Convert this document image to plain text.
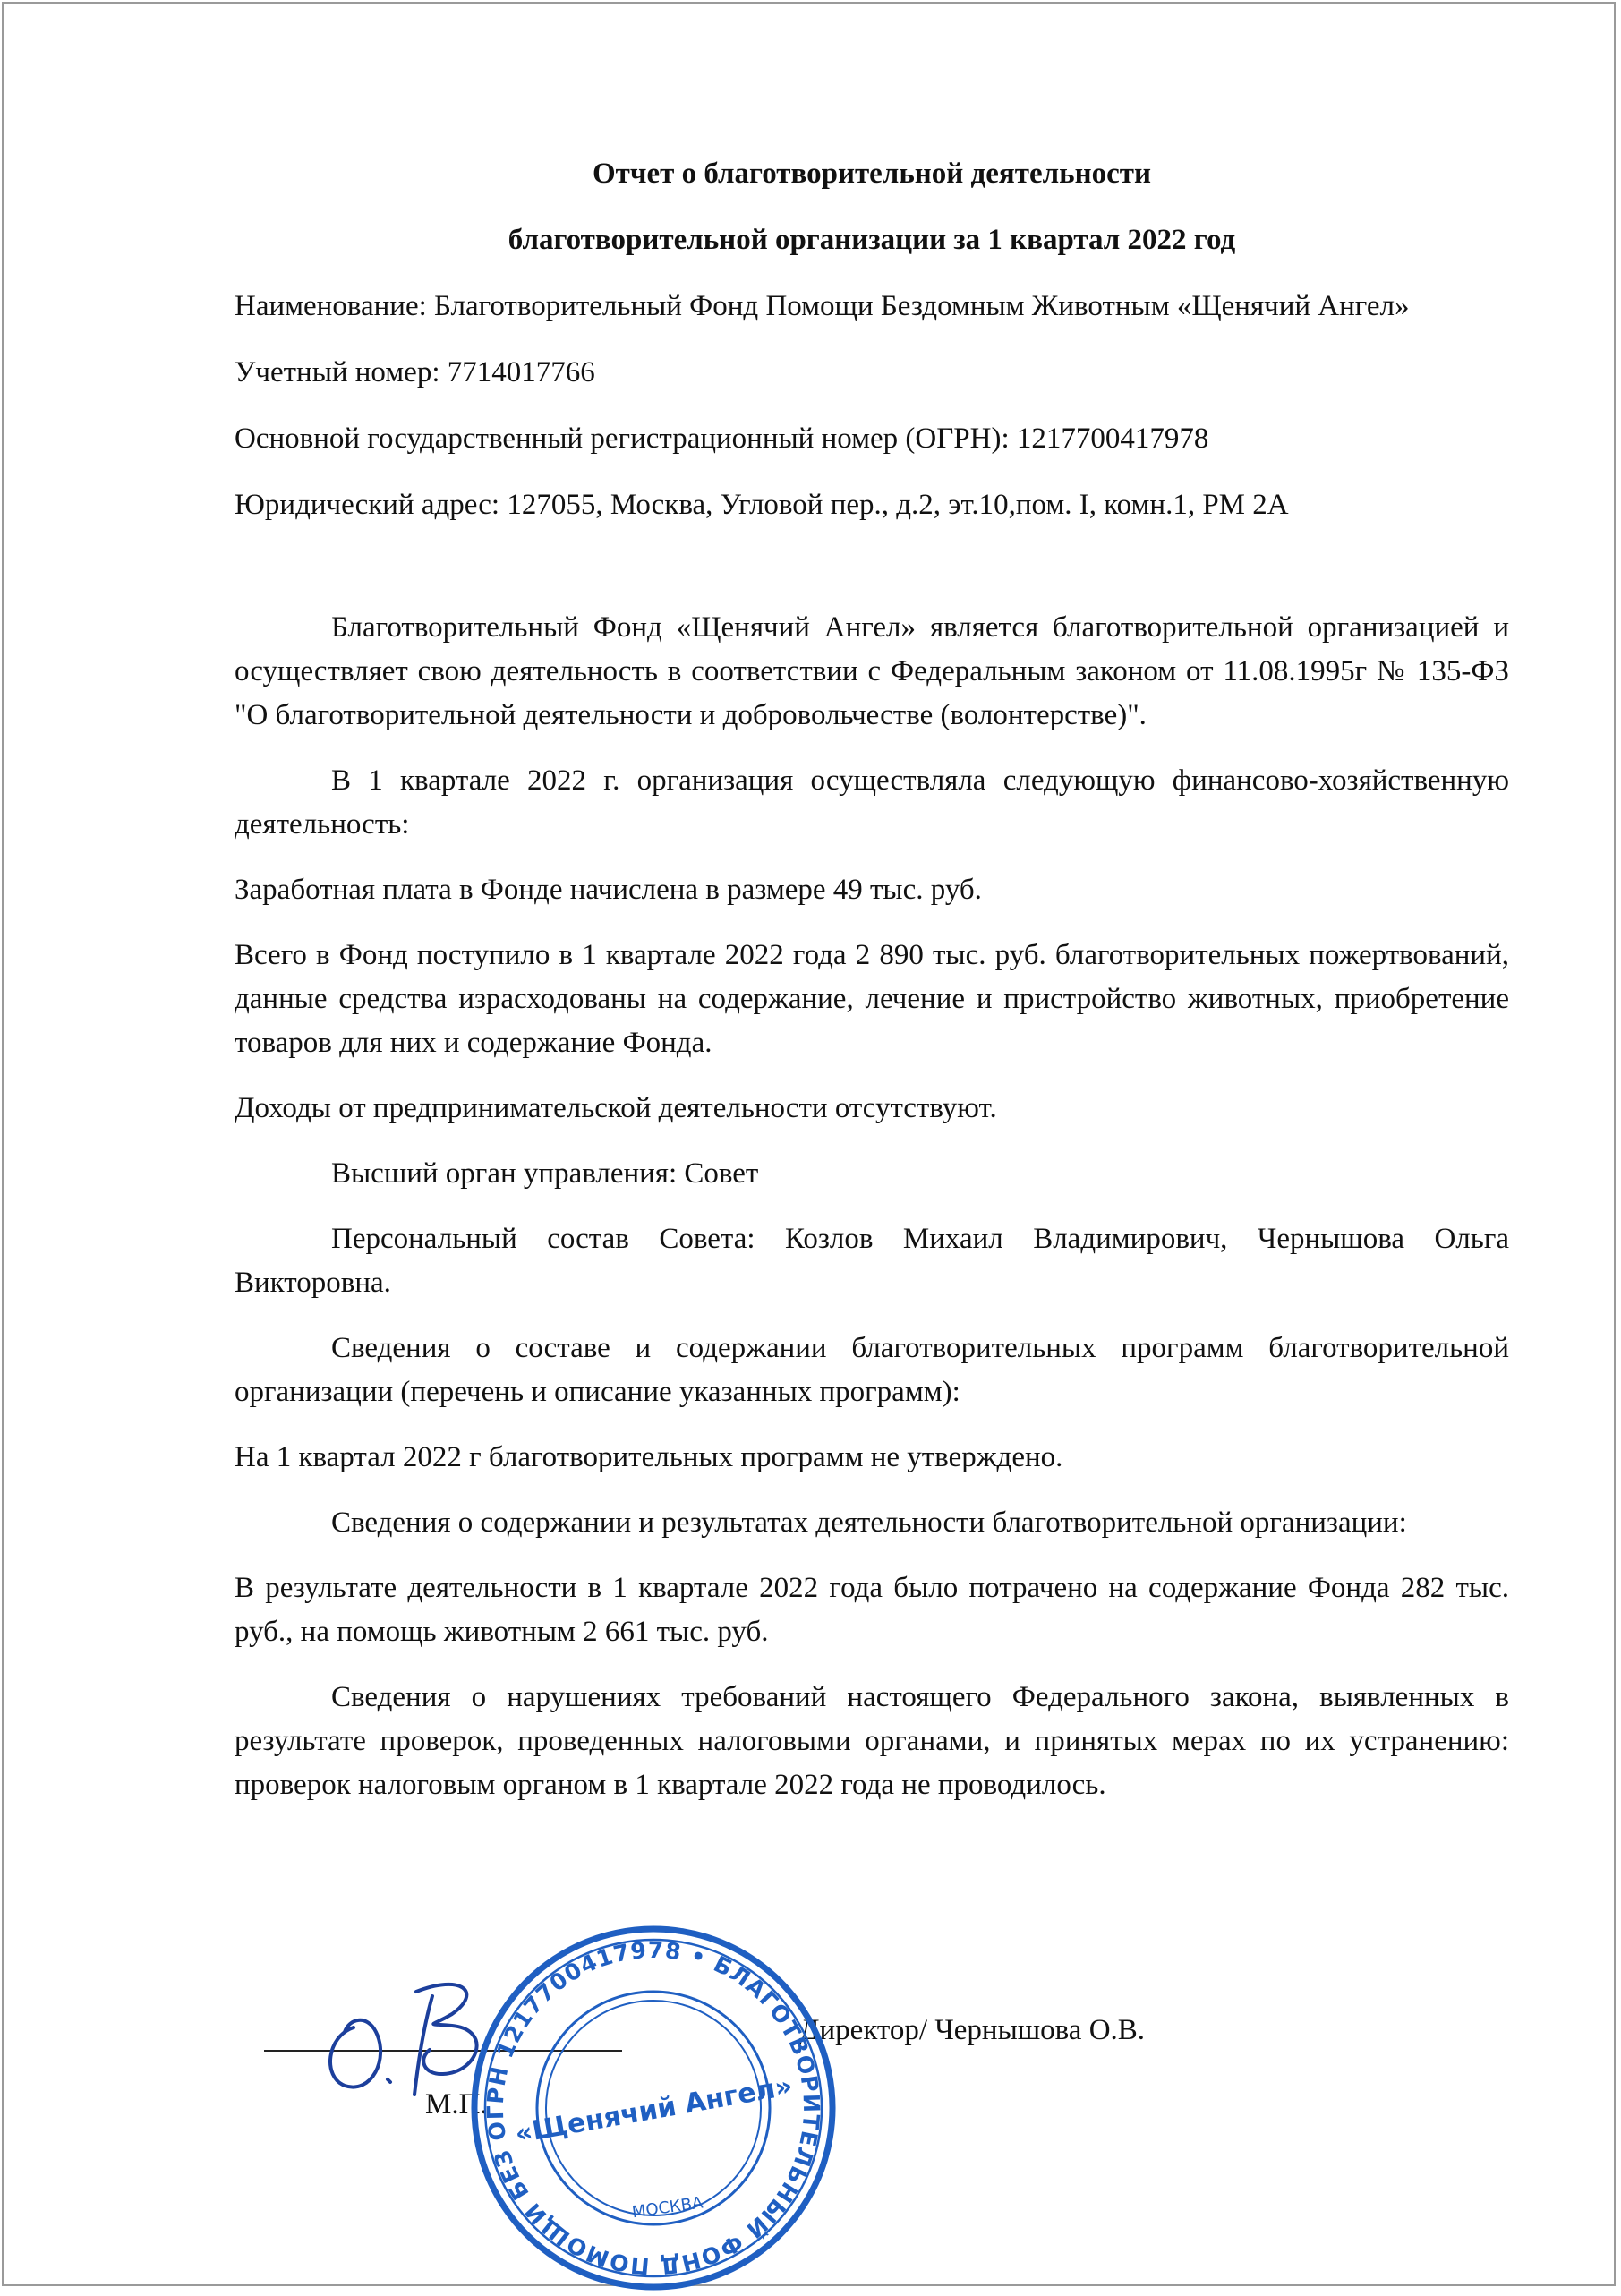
Отчет о благотворительной деятельности

благотворительной организации за 1 квартал 2022 год

Наименование: Благотворительный Фонд Помощи Бездомным Животным «Щенячий Ангел»

Учетный номер: 7714017766

Основной государственный регистрационный номер (ОГРН): 1217700417978

Юридический адрес: 127055, Москва, Угловой пер., д.2, эт.10,пом. I, комн.1, РМ 2А

Благотворительный Фонд «Щенячий Ангел» является благотворительной организацией и осуществляет свою деятельность в соответствии с Федеральным законом от 11.08.1995г № 135-ФЗ "О благотворительной деятельности и добровольчестве (волонтерстве)".

В 1 квартале 2022 г. организация осуществляла следующую финансово-хозяйственную деятельность:

Заработная плата в Фонде начислена в размере 49 тыс. руб.

Всего в Фонд поступило в 1 квартале 2022 года 2 890 тыс. руб. благотворительных пожертвований, данные средства израсходованы на содержание, лечение и пристройство животных, приобретение товаров для них и содержание Фонда.

Доходы от предпринимательской деятельности отсутствуют.

Высший орган управления: Совет

Персональный состав Совета: Козлов Михаил Владимирович, Чернышова Ольга Викторовна.

Сведения о составе и содержании благотворительных программ благотворительной организации (перечень и описание указанных программ):

На 1 квартал 2022 г благотворительных программ не утверждено.

Сведения о содержании и результатах деятельности благотворительной организации:

В результате деятельности в 1 квартале 2022 года было потрачено на содержание Фонда 282 тыс. руб., на помощь животным 2 661 тыс. руб.

Сведения о нарушениях требований настоящего Федерального закона, выявленных в результате проверок, проведенных налоговыми органами, и принятых мерах по их устранению: проверок налоговым органом в 1 квартале 2022 года не проводилось.

Директор/ Чернышова О.В.
М.П.
ОГРН 1217700417978 • БЛАГОТВОРИТЕЛЬНЫЙ ФОНД ПОМОЩИ БЕЗДОМНЫМ
«Щенячий Ангел»
МОСКВА
